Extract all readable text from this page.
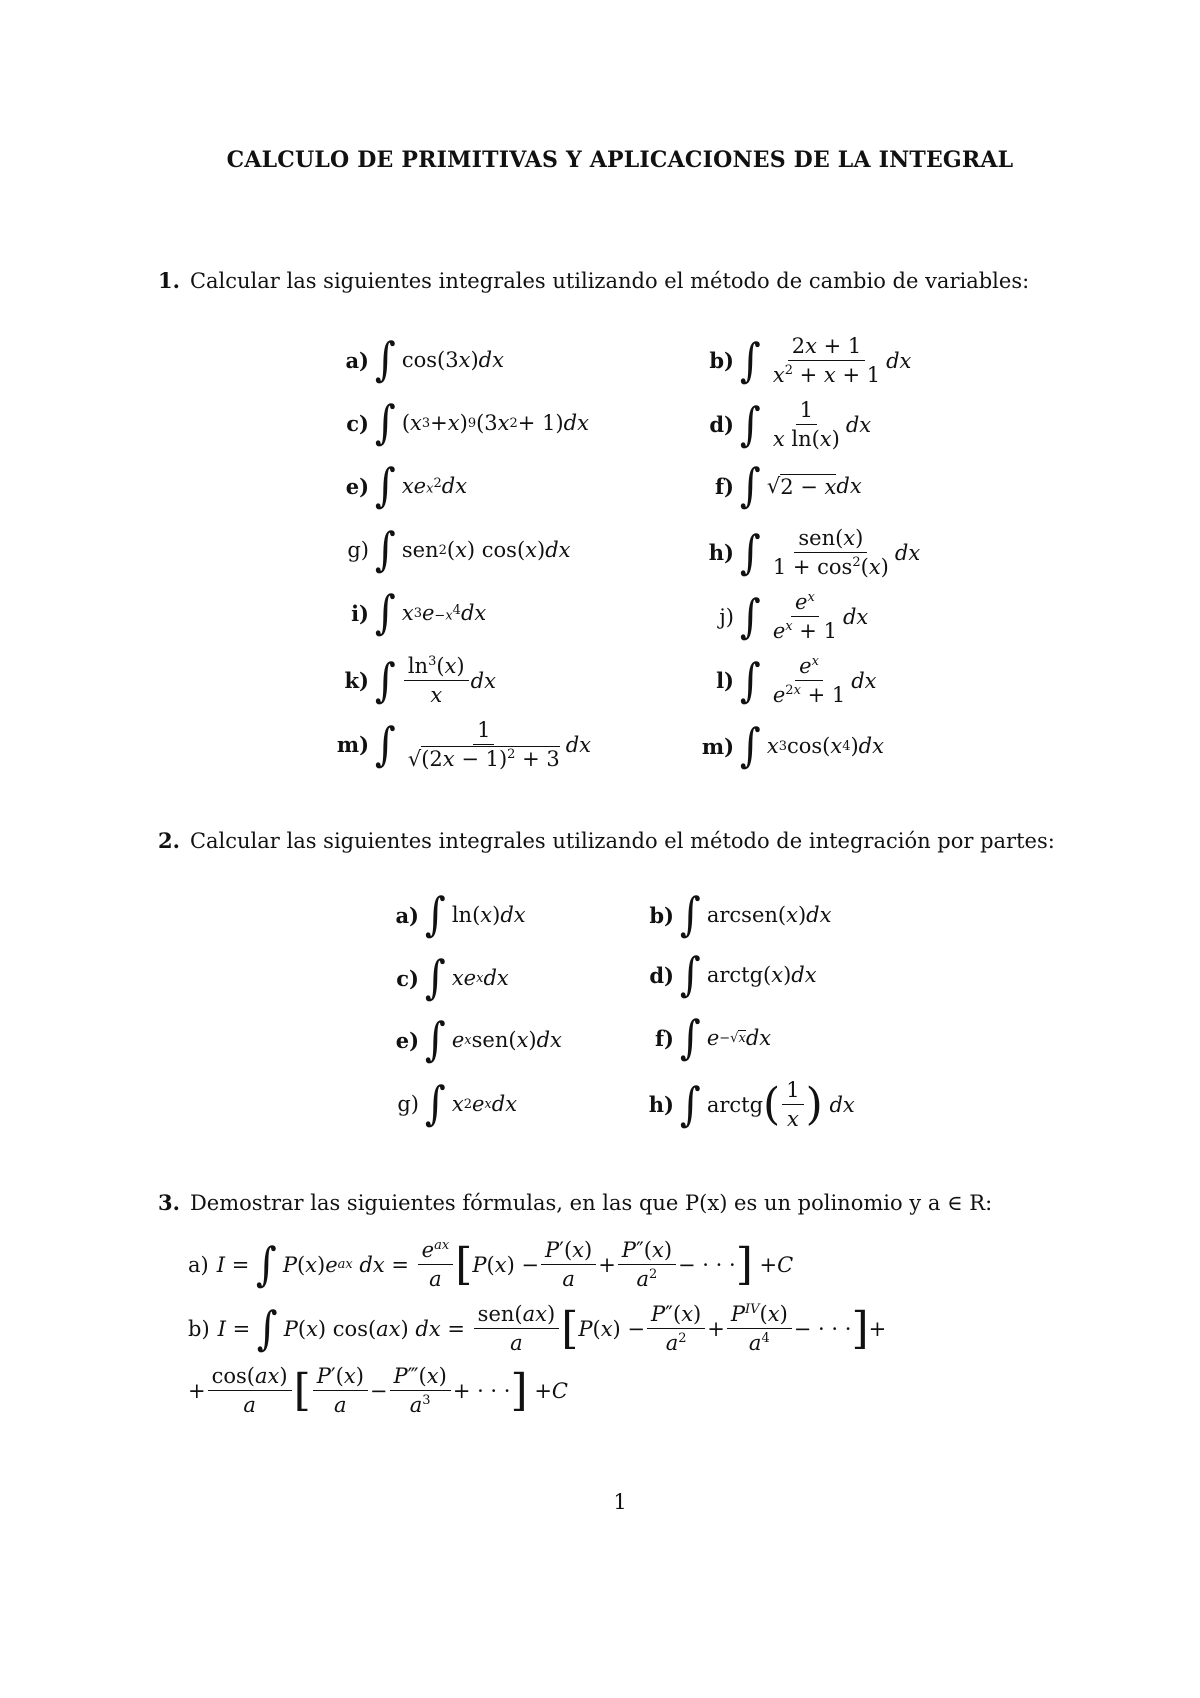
CALCULO DE PRIMITIVAS Y APLICACIONES DE LA INTEGRAL
1. Calcular las siguientes integrales utilizando el método de cambio de variables:
a) ∫ cos(3 x ) dx	b) ∫ $\frac{2x + 1}{x^2 + x + 1}$ dx
c) ∫ ( x 3 + x ) 9 (3 x 2 + 1) dx	d) ∫ $\frac{1}{\text{x ln(x)}}$ dx
e) ∫ xe $x^2$ dx	f) ∫ √ 2 − x dx
g) ∫ sen 2 ( x ) cos( x ) dx	h) ∫ $\frac{\text{sen(x)}}{1 + \cos^2(x)}$ dx
i) ∫ x 3 $e -x^4$ dx	j) ∫ $\frac{e^x}{e^x + 1}$ dx
k) ∫ $\frac{\ln^3(x)}{x}$ dx	l) ∫ $\frac{e^x}{e^{2x} + 1}$ dx
m) ∫ $\frac{1}{√(2x - 1)^2 + 3}$ dx	m) ∫ x 3 cos( x 4 ) dx
2. Calcular las siguientes integrales utilizando el método de integración por partes:
a) ∫ ln( x ) dx	b) ∫ arcsen( x ) dx
c) ∫ xe x dx	d) ∫ arctg( x ) dx
e) ∫ e x sen( x ) dx	f) ∫ e −√x dx
g) ∫ x 2 e x dx	h) ∫ arctg ( $\frac{1}{x}$ )
dx
3. Demostrar las siguientes fórmulas, en las que P(x) es un polinomio y a ∈ R:
a) I = ∫ P ( x ) e ax
dx = $\frac{e^{ax}}{a}$ [ P ( x ) − $\frac{P'(x)}{a} + \frac{P''(x)}{a^2}$ − · · · ] + C
b) I = ∫ P ( x ) cos( ax ) dx = $\frac{\text{sen(ax)}}{a}$ [ P ( x ) − $\frac{P''(x)}{a^2} + \frac{P^{IV}(x)}{a^4}$ − · · · ] +
+ $\frac{\cos(ax)}{a}$ [ $\frac{P'(x)}{a} - \frac{P‴(x)}{a^3}$ + · · · ] + C
1
